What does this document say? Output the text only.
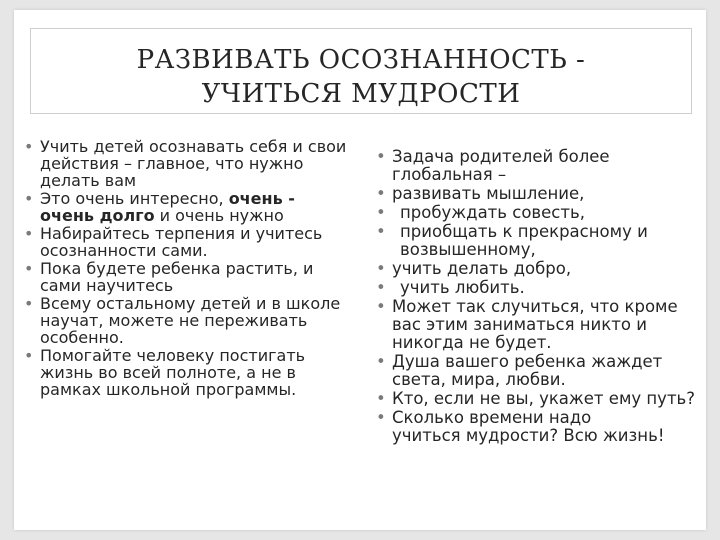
РАЗВИВАТЬ ОСОЗНАННОСТЬ -
УЧИТЬСЯ МУДРОСТИ
• Учить детей осознавать себя и свои действия – главное, что нужно делать вам
• Это очень интересно, очень - очень долго и очень нужно
• Набирайтесь терпения и учитесь осознанности сами.
• Пока будете ребенка растить, и сами научитесь
• Всему остальному детей и в школе научат, можете не переживать особенно.
• Помогайте человеку постигать жизнь во всей полноте, а не в рамках школьной программы.
• Задача родителей более глобальная –
• развивать мышление,
• пробуждать совесть,
• приобщать к прекрасному и возвышенному,
• учить делать добро,
• учить любить.
• Может так случиться, что кроме вас этим заниматься никто и никогда не будет.
• Душа вашего ребенка жаждет света, мира, любви.
• Кто, если не вы, укажет ему путь?
• Сколько времени надо
учиться мудрости? Всю жизнь!
